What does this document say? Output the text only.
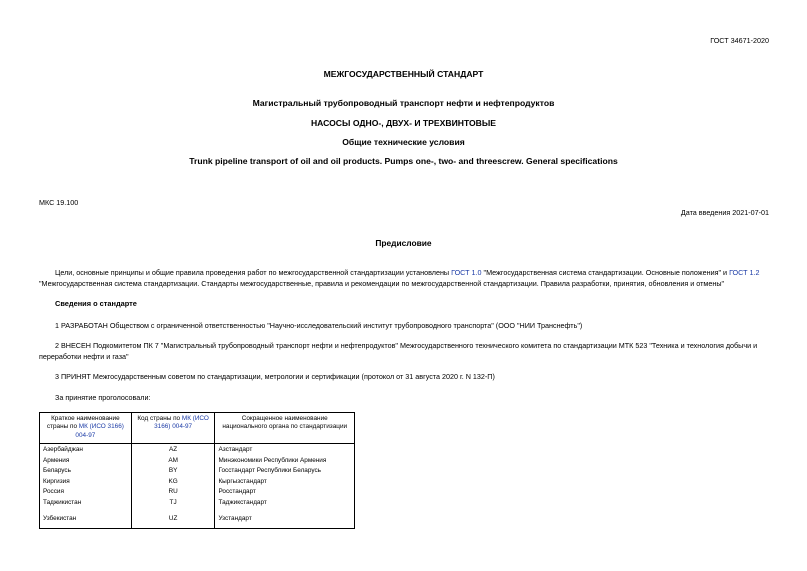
ГОСТ 34671-2020
МЕЖГОСУДАРСТВЕННЫЙ СТАНДАРТ
Магистральный трубопроводный транспорт нефти и нефтепродуктов
НАСОСЫ ОДНО-, ДВУХ- И ТРЕХВИНТОВЫЕ
Общие технические условия
Trunk pipeline transport of oil and oil products. Pumps one-, two- and threescrew. General specifications
МКС 19.100
Дата введения 2021-07-01
Предисловие
Цели, основные принципы и общие правила проведения работ по межгосударственной стандартизации установлены ГОСТ 1.0 "Межгосударственная система стандартизации. Основные положения" и ГОСТ 1.2
"Межгосударственная система стандартизации. Стандарты межгосударственные, правила и рекомендации по межгосударственной стандартизации. Правила разработки, принятия, обновления и отмены"
Сведения о стандарте
1 РАЗРАБОТАН Обществом с ограниченной ответственностью "Научно-исследовательский институт трубопроводного транспорта" (ООО "НИИ Транснефть")
2 ВНЕСЕН Подкомитетом ПК 7 "Магистральный трубопроводный транспорт нефти и нефтепродуктов" Межгосударственного технического комитета по стандартизации МТК 523 "Техника и технология добычи и
переработки нефти и газа"
3 ПРИНЯТ Межгосударственным советом по стандартизации, метрологии и сертификации (протокол от 31 августа 2020 г. N 132-П)
За принятие проголосовали:
Краткое наименование страны по МК (ИСО 3166) 004-97	Код страны по МК (ИСО 3166) 004-97	Сокращенное наименование национального органа по стандартизации
Азербайджан	AZ	Азстандарт
Армения	AM	Минэкономики Республики Армения
Беларусь	BY	Госстандарт Республики Беларусь
Киргизия	KG	Кыргызстандарт
Россия	RU	Росстандарт
Таджикистан	TJ	Таджикстандарт

Узбекистан	UZ	Узстандарт
